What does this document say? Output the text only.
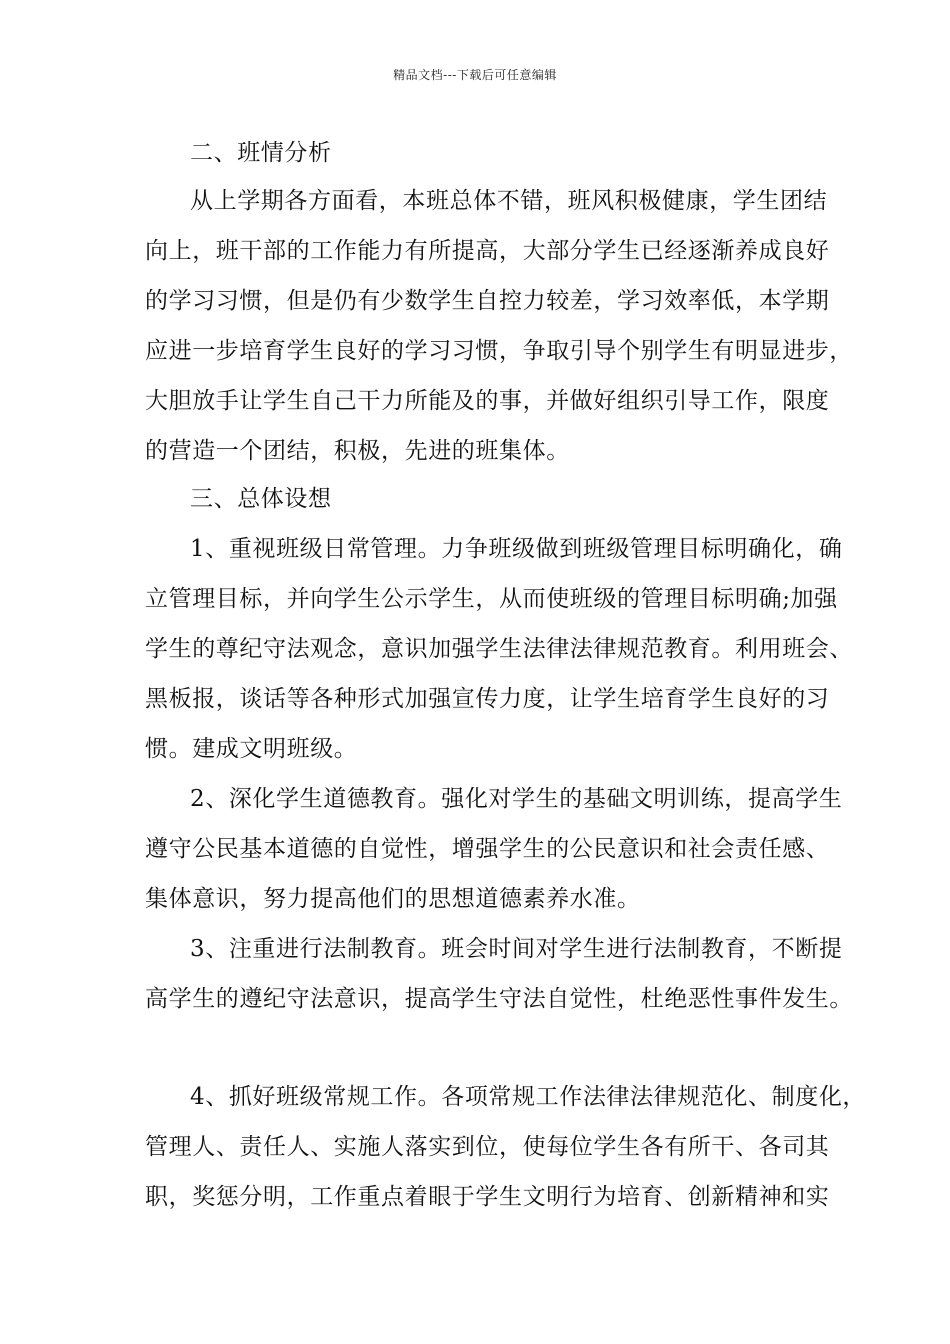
精品文档---下载后可任意编辑
二、班情分析
从上学期各方面看，本班总体不错，班风积极健康，学生团结
向上，班干部的工作能力有所提高，大部分学生已经逐渐养成良好
的学习习惯，但是仍有少数学生自控力较差，学习效率低，本学期
应进一步培育学生良好的学习习惯，争取引导个别学生有明显进步，
大胆放手让学生自己干力所能及的事，并做好组织引导工作，限度
的营造一个团结，积极，先进的班集体。
三、总体设想
1、重视班级日常管理。力争班级做到班级管理目标明确化，确
立管理目标，并向学生公示学生，从而使班级的管理目标明确;加强
学生的尊纪守法观念，意识加强学生法律法律规范教育。利用班会、
黑板报，谈话等各种形式加强宣传力度，让学生培育学生良好的习
惯。建成文明班级。
2、深化学生道德教育。强化对学生的基础文明训练，提高学生
遵守公民基本道德的自觉性，增强学生的公民意识和社会责任感、
集体意识，努力提高他们的思想道德素养水准。
3、注重进行法制教育。班会时间对学生进行法制教育，不断提
高学生的遵纪守法意识，提高学生守法自觉性，杜绝恶性事件发生。
4、抓好班级常规工作。各项常规工作法律法律规范化、制度化，
管理人、责任人、实施人落实到位，使每位学生各有所干、各司其
职，奖惩分明，工作重点着眼于学生文明行为培育、创新精神和实
